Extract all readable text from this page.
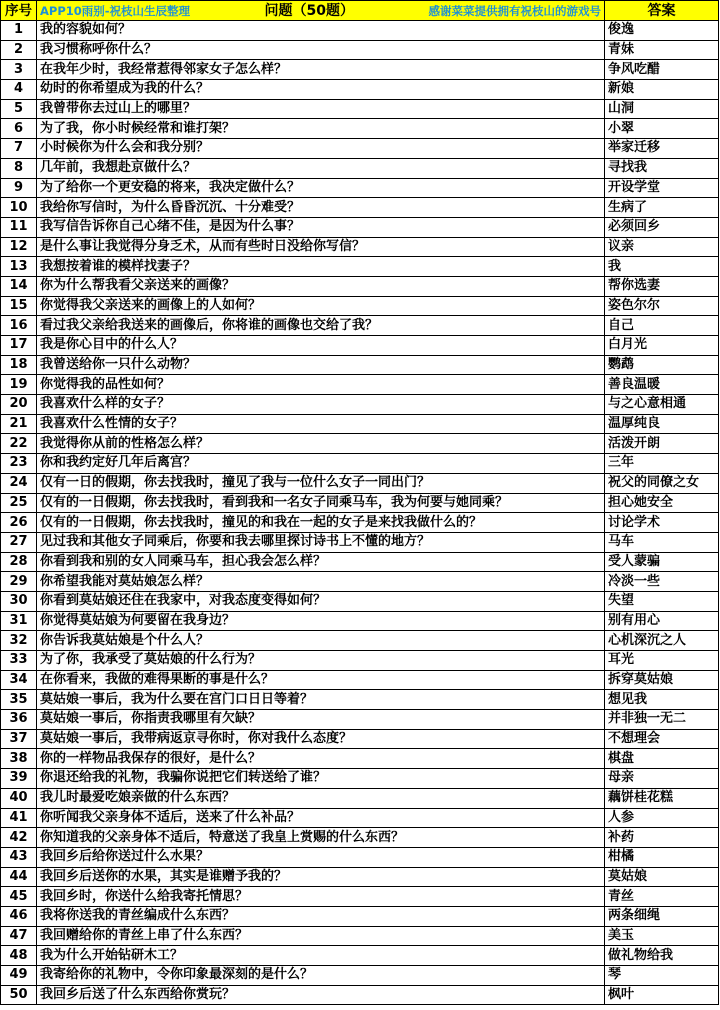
序号	APP10雨别-祝枝山生辰整理 问题（50题） 感谢菜菜提供拥有祝枝山的游戏号	答案
1	我的容貌如何？	俊逸
2	我习惯称呼你什么？	青妹
3	在我年少时，我经常惹得邻家女子怎么样？	争风吃醋
4	幼时的你希望成为我的什么？	新娘
5	我曾带你去过山上的哪里？	山洞
6	为了我，你小时候经常和谁打架？	小翠
7	小时候你为什么会和我分别？	举家迁移
8	几年前，我想赴京做什么？	寻找我
9	为了给你一个更安稳的将来，我决定做什么？	开设学堂
10	我给你写信时，为什么昏昏沉沉、十分难受？	生病了
11	我写信告诉你自己心绪不佳，是因为什么事？	必须回乡
12	是什么事让我觉得分身乏术，从而有些时日没给你写信？	议亲
13	我想按着谁的模样找妻子？	我
14	你为什么帮我看父亲送来的画像？	帮你选妻
15	你觉得我父亲送来的画像上的人如何？	姿色尔尔
16	看过我父亲给我送来的画像后，你将谁的画像也交给了我？	自己
17	我是你心目中的什么人？	白月光
18	我曾送给你一只什么动物？	鹦鹉
19	你觉得我的品性如何？	善良温暖
20	我喜欢什么样的女子？	与之心意相通
21	我喜欢什么性情的女子？	温厚纯良
22	我觉得你从前的性格怎么样？	活泼开朗
23	你和我约定好几年后离宫？	三年
24	仅有一日的假期，你去找我时，撞见了我与一位什么女子一同出门？	祝父的同僚之女
25	仅有的一日假期，你去找我时，看到我和一名女子同乘马车，我为何要与她同乘？	担心她安全
26	仅有的一日假期，你去找我时，撞见的和我在一起的女子是来找我做什么的？	讨论学术
27	见过我和其他女子同乘后，你要和我去哪里探讨诗书上不懂的地方？	马车
28	你看到我和别的女人同乘马车，担心我会怎么样？	受人蒙骗
29	你希望我能对莫姑娘怎么样？	冷淡一些
30	你看到莫姑娘还住在我家中，对我态度变得如何？	失望
31	你觉得莫姑娘为何要留在我身边？	别有用心
32	你告诉我莫姑娘是个什么人？	心机深沉之人
33	为了你，我承受了莫姑娘的什么行为？	耳光
34	在你看来，我做的难得果断的事是什么？	拆穿莫姑娘
35	莫姑娘一事后，我为什么要在宫门口日日等着？	想见我
36	莫姑娘一事后，你指责我哪里有欠缺？	并非独一无二
37	莫姑娘一事后，我带病返京寻你时，你对我什么态度？	不想理会
38	你的一样物品我保存的很好，是什么？	棋盘
39	你退还给我的礼物，我骗你说把它们转送给了谁？	母亲
40	我儿时最爱吃娘亲做的什么东西？	藕饼桂花糕
41	你听闻我父亲身体不适后，送来了什么补品？	人参
42	你知道我的父亲身体不适后，特意送了我皇上赏赐的什么东西？	补药
43	我回乡后给你送过什么水果？	柑橘
44	我回乡后送你的水果，其实是谁赠予我的？	莫姑娘
45	我回乡时，你送什么给我寄托情思？	青丝
46	我将你送我的青丝编成什么东西？	两条细绳
47	我回赠给你的青丝上串了什么东西？	美玉
48	我为什么开始钻研木工？	做礼物给我
49	我寄给你的礼物中，令你印象最深刻的是什么？	琴
50	我回乡后送了什么东西给你赏玩？	枫叶
